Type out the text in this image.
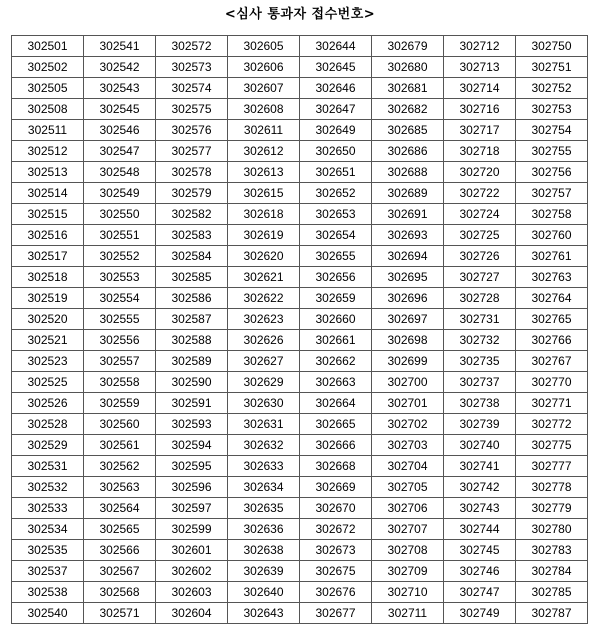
<심사 통과자 접수번호>
302501	302541	302572	302605	302644	302679	302712	302750
302502	302542	302573	302606	302645	302680	302713	302751
302505	302543	302574	302607	302646	302681	302714	302752
302508	302545	302575	302608	302647	302682	302716	302753
302511	302546	302576	302611	302649	302685	302717	302754
302512	302547	302577	302612	302650	302686	302718	302755
302513	302548	302578	302613	302651	302688	302720	302756
302514	302549	302579	302615	302652	302689	302722	302757
302515	302550	302582	302618	302653	302691	302724	302758
302516	302551	302583	302619	302654	302693	302725	302760
302517	302552	302584	302620	302655	302694	302726	302761
302518	302553	302585	302621	302656	302695	302727	302763
302519	302554	302586	302622	302659	302696	302728	302764
302520	302555	302587	302623	302660	302697	302731	302765
302521	302556	302588	302626	302661	302698	302732	302766
302523	302557	302589	302627	302662	302699	302735	302767
302525	302558	302590	302629	302663	302700	302737	302770
302526	302559	302591	302630	302664	302701	302738	302771
302528	302560	302593	302631	302665	302702	302739	302772
302529	302561	302594	302632	302666	302703	302740	302775
302531	302562	302595	302633	302668	302704	302741	302777
302532	302563	302596	302634	302669	302705	302742	302778
302533	302564	302597	302635	302670	302706	302743	302779
302534	302565	302599	302636	302672	302707	302744	302780
302535	302566	302601	302638	302673	302708	302745	302783
302537	302567	302602	302639	302675	302709	302746	302784
302538	302568	302603	302640	302676	302710	302747	302785
302540	302571	302604	302643	302677	302711	302749	302787
